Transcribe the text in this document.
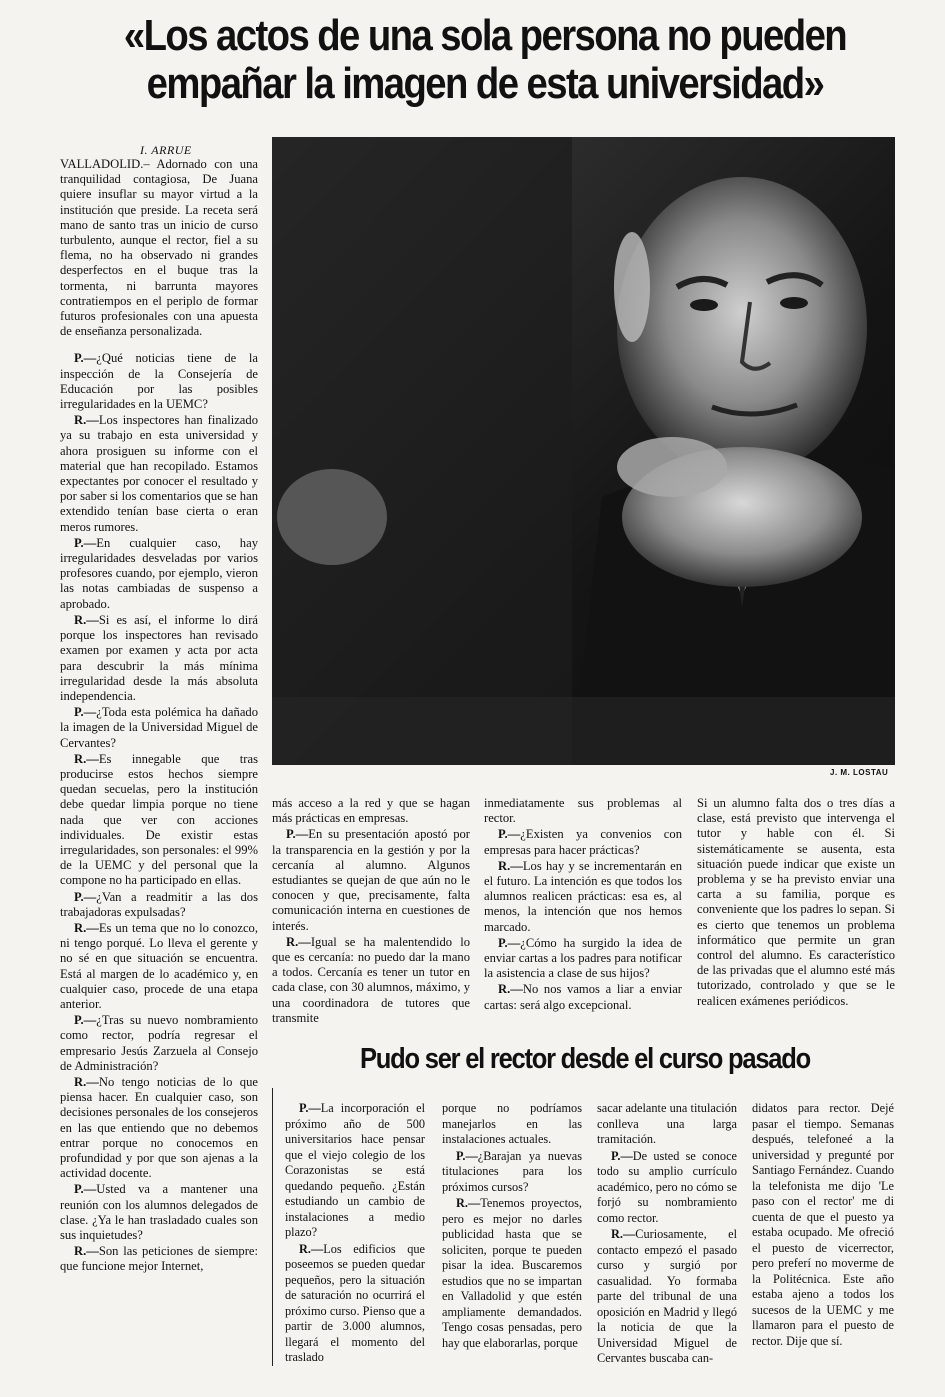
«Los actos de una sola persona no pueden
empañar la imagen de esta universidad»
I. ARRUE

VALLADOLID.– Adornado con una tranquilidad contagiosa, De Juana quiere insuflar su mayor virtud a la institución que preside. La receta será mano de santo tras un inicio de curso turbulento, aunque el rector, fiel a su flema, no ha observado ni grandes desperfectos en el buque tras la tormenta, ni barrunta mayores contratiempos en el periplo de formar futuros profesionales con una apuesta de enseñanza personalizada.

P.—¿Qué noticias tiene de la inspección de la Consejería de Educación por las posibles irregularidades en la UEMC?

R.—Los inspectores han finalizado ya su trabajo en esta universidad y ahora prosiguen su informe con el material que han recopilado. Estamos expectantes por conocer el resultado y por saber si los comentarios que se han extendido tenían base cierta o eran meros rumores.

P.—En cualquier caso, hay irregularidades desveladas por varios profesores cuando, por ejemplo, vieron las notas cambiadas de suspenso a aprobado.

R.—Si es así, el informe lo dirá porque los inspectores han revisado examen por examen y acta por acta para descubrir la más mínima irregularidad desde la más absoluta independencia.

P.—¿Toda esta polémica ha dañado la imagen de la Universidad Miguel de Cervantes?

R.—Es innegable que tras producirse estos hechos siempre quedan secuelas, pero la institución debe quedar limpia porque no tiene nada que ver con acciones individuales. De existir estas irregularidades, son personales: el 99% de la UEMC y del personal que la compone no ha participado en ellas.

P.—¿Van a readmitir a las dos trabajadoras expulsadas?

R.—Es un tema que no lo conozco, ni tengo porqué. Lo lleva el gerente y no sé en que situación se encuentra. Está al margen de lo académico y, en cualquier caso, procede de una etapa anterior.

P.—¿Tras su nuevo nombramiento como rector, podría regresar el empresario Jesús Zarzuela al Consejo de Administración?

R.—No tengo noticias de lo que piensa hacer. En cualquier caso, son decisiones personales de los consejeros en las que entiendo que no debemos entrar porque no conocemos en profundidad y por que son ajenas a la actividad docente.

P.—Usted va a mantener una reunión con los alumnos delegados de clase. ¿Ya le han trasladado cuales son sus inquietudes?

R.—Son las peticiones de siempre: que funcione mejor Internet,

J. M. LOSTAU

más acceso a la red y que se hagan más prácticas en empresas.

P.—En su presentación apostó por la transparencia en la gestión y por la cercanía al alumno. Algunos estudiantes se quejan de que aún no le conocen y que, precisamente, falta comunicación interna en cuestiones de interés.

R.—Igual se ha malentendido lo que es cercanía: no puedo dar la mano a todos. Cercanía es tener un tutor en cada clase, con 30 alumnos, máximo, y una coordinadora de tutores que transmite

inmediatamente sus problemas al rector.

P.—¿Existen ya convenios con empresas para hacer prácticas?

R.—Los hay y se incrementarán en el futuro. La intención es que todos los alumnos realicen prácticas: esa es, al menos, la intención que nos hemos marcado.

P.—¿Cómo ha surgido la idea de enviar cartas a los padres para notificar la asistencia a clase de sus hijos?

R.—No nos vamos a liar a enviar cartas: será algo excepcional.

Si un alumno falta dos o tres días a clase, está previsto que intervenga el tutor y hable con él. Si sistemáticamente se ausenta, esta situación puede indicar que existe un problema y se ha previsto enviar una carta a su familia, porque es conveniente que los padres lo sepan. Si es cierto que tenemos un problema informático que permite un gran control del alumno. Es característico de las privadas que el alumno esté más tutorizado, controlado y que se le realicen exámenes periódicos.

Pudo ser el rector desde el curso pasado

P.—La incorporación el próximo año de 500 universitarios hace pensar que el viejo colegio de los Corazonistas se está quedando pequeño. ¿Están estudiando un cambio de instalaciones a medio plazo?

R.—Los edificios que poseemos se pueden quedar pequeños, pero la situación de saturación no ocurrirá el próximo curso. Pienso que a partir de 3.000 alumnos, llegará el momento del traslado

porque no podríamos manejarlos en las instalaciones actuales.

P.—¿Barajan ya nuevas titulaciones para los próximos cursos?

R.—Tenemos proyectos, pero es mejor no darles publicidad hasta que se soliciten, porque te pueden pisar la idea. Buscaremos estudios que no se impartan en Valladolid y que estén ampliamente demandados. Tengo cosas pensadas, pero hay que elaborarlas, porque

sacar adelante una titulación conlleva una larga tramitación.

P.—De usted se conoce todo su amplio currículo académico, pero no cómo se forjó su nombramiento como rector.

R.—Curiosamente, el contacto empezó el pasado curso y surgió por casualidad. Yo formaba parte del tribunal de una oposición en Madrid y llegó la noticia de que la Universidad Miguel de Cervantes buscaba can-

didatos para rector. Dejé pasar el tiempo. Semanas después, telefoneé a la universidad y pregunté por Santiago Fernández. Cuando la telefonista me dijo 'Le paso con el rector' me di cuenta de que el puesto ya estaba ocupado. Me ofreció el puesto de vicerrector, pero preferí no moverme de la Politécnica. Este año estaba ajeno a todos los sucesos de la UEMC y me llamaron para el puesto de rector. Dije que sí.
